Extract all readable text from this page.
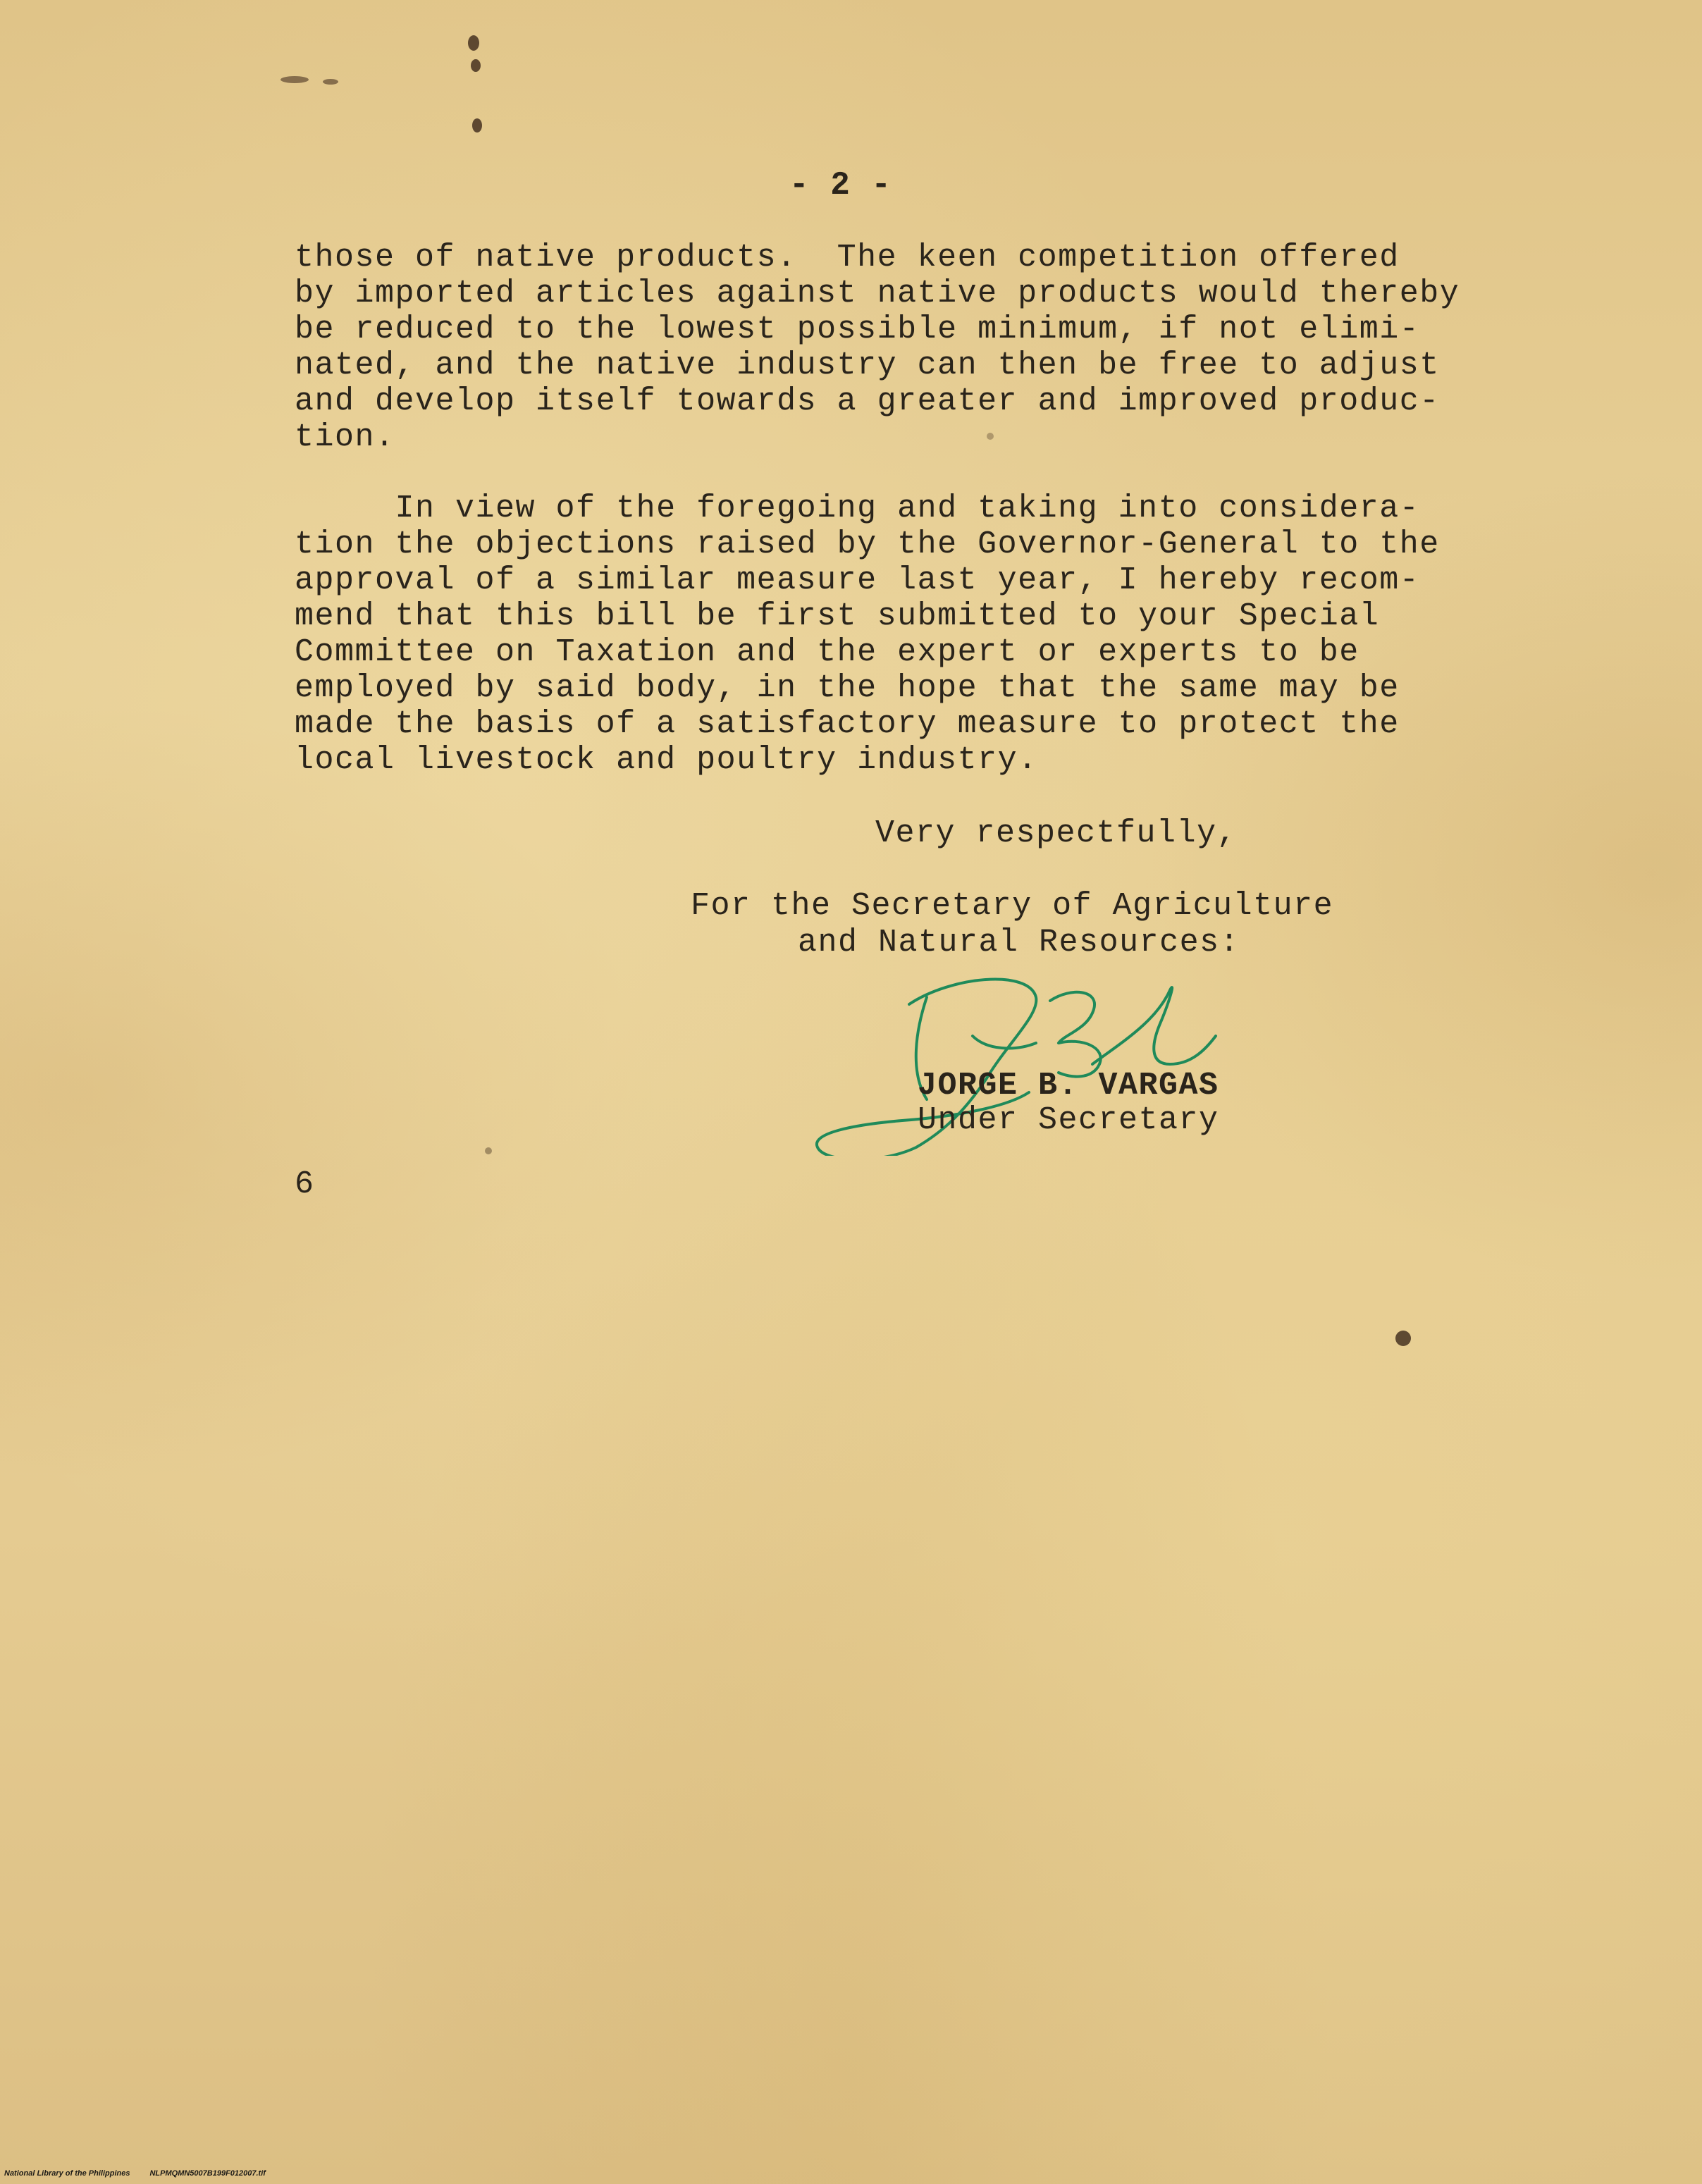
- 2 -
those of native products.  The keen competition offered
by imported articles against native products would thereby
be reduced to the lowest possible minimum, if not elimi-
nated, and the native industry can then be free to adjust
and develop itself towards a greater and improved produc-
tion.
In view of the foregoing and taking into considera-
tion the objections raised by the Governor-General to the
approval of a similar measure last year, I hereby recom-
mend that this bill be first submitted to your Special
Committee on Taxation and the expert or experts to be
employed by said body, in the hope that the same may be
made the basis of a satisfactory measure to protect the
local livestock and poultry industry.
Very respectfully,
For the Secretary of Agriculture
and Natural Resources:
JORGE B. VARGAS
Under Secretary
6
National Library of the Philippines	NLPMQMN5007B199F012007.tif
